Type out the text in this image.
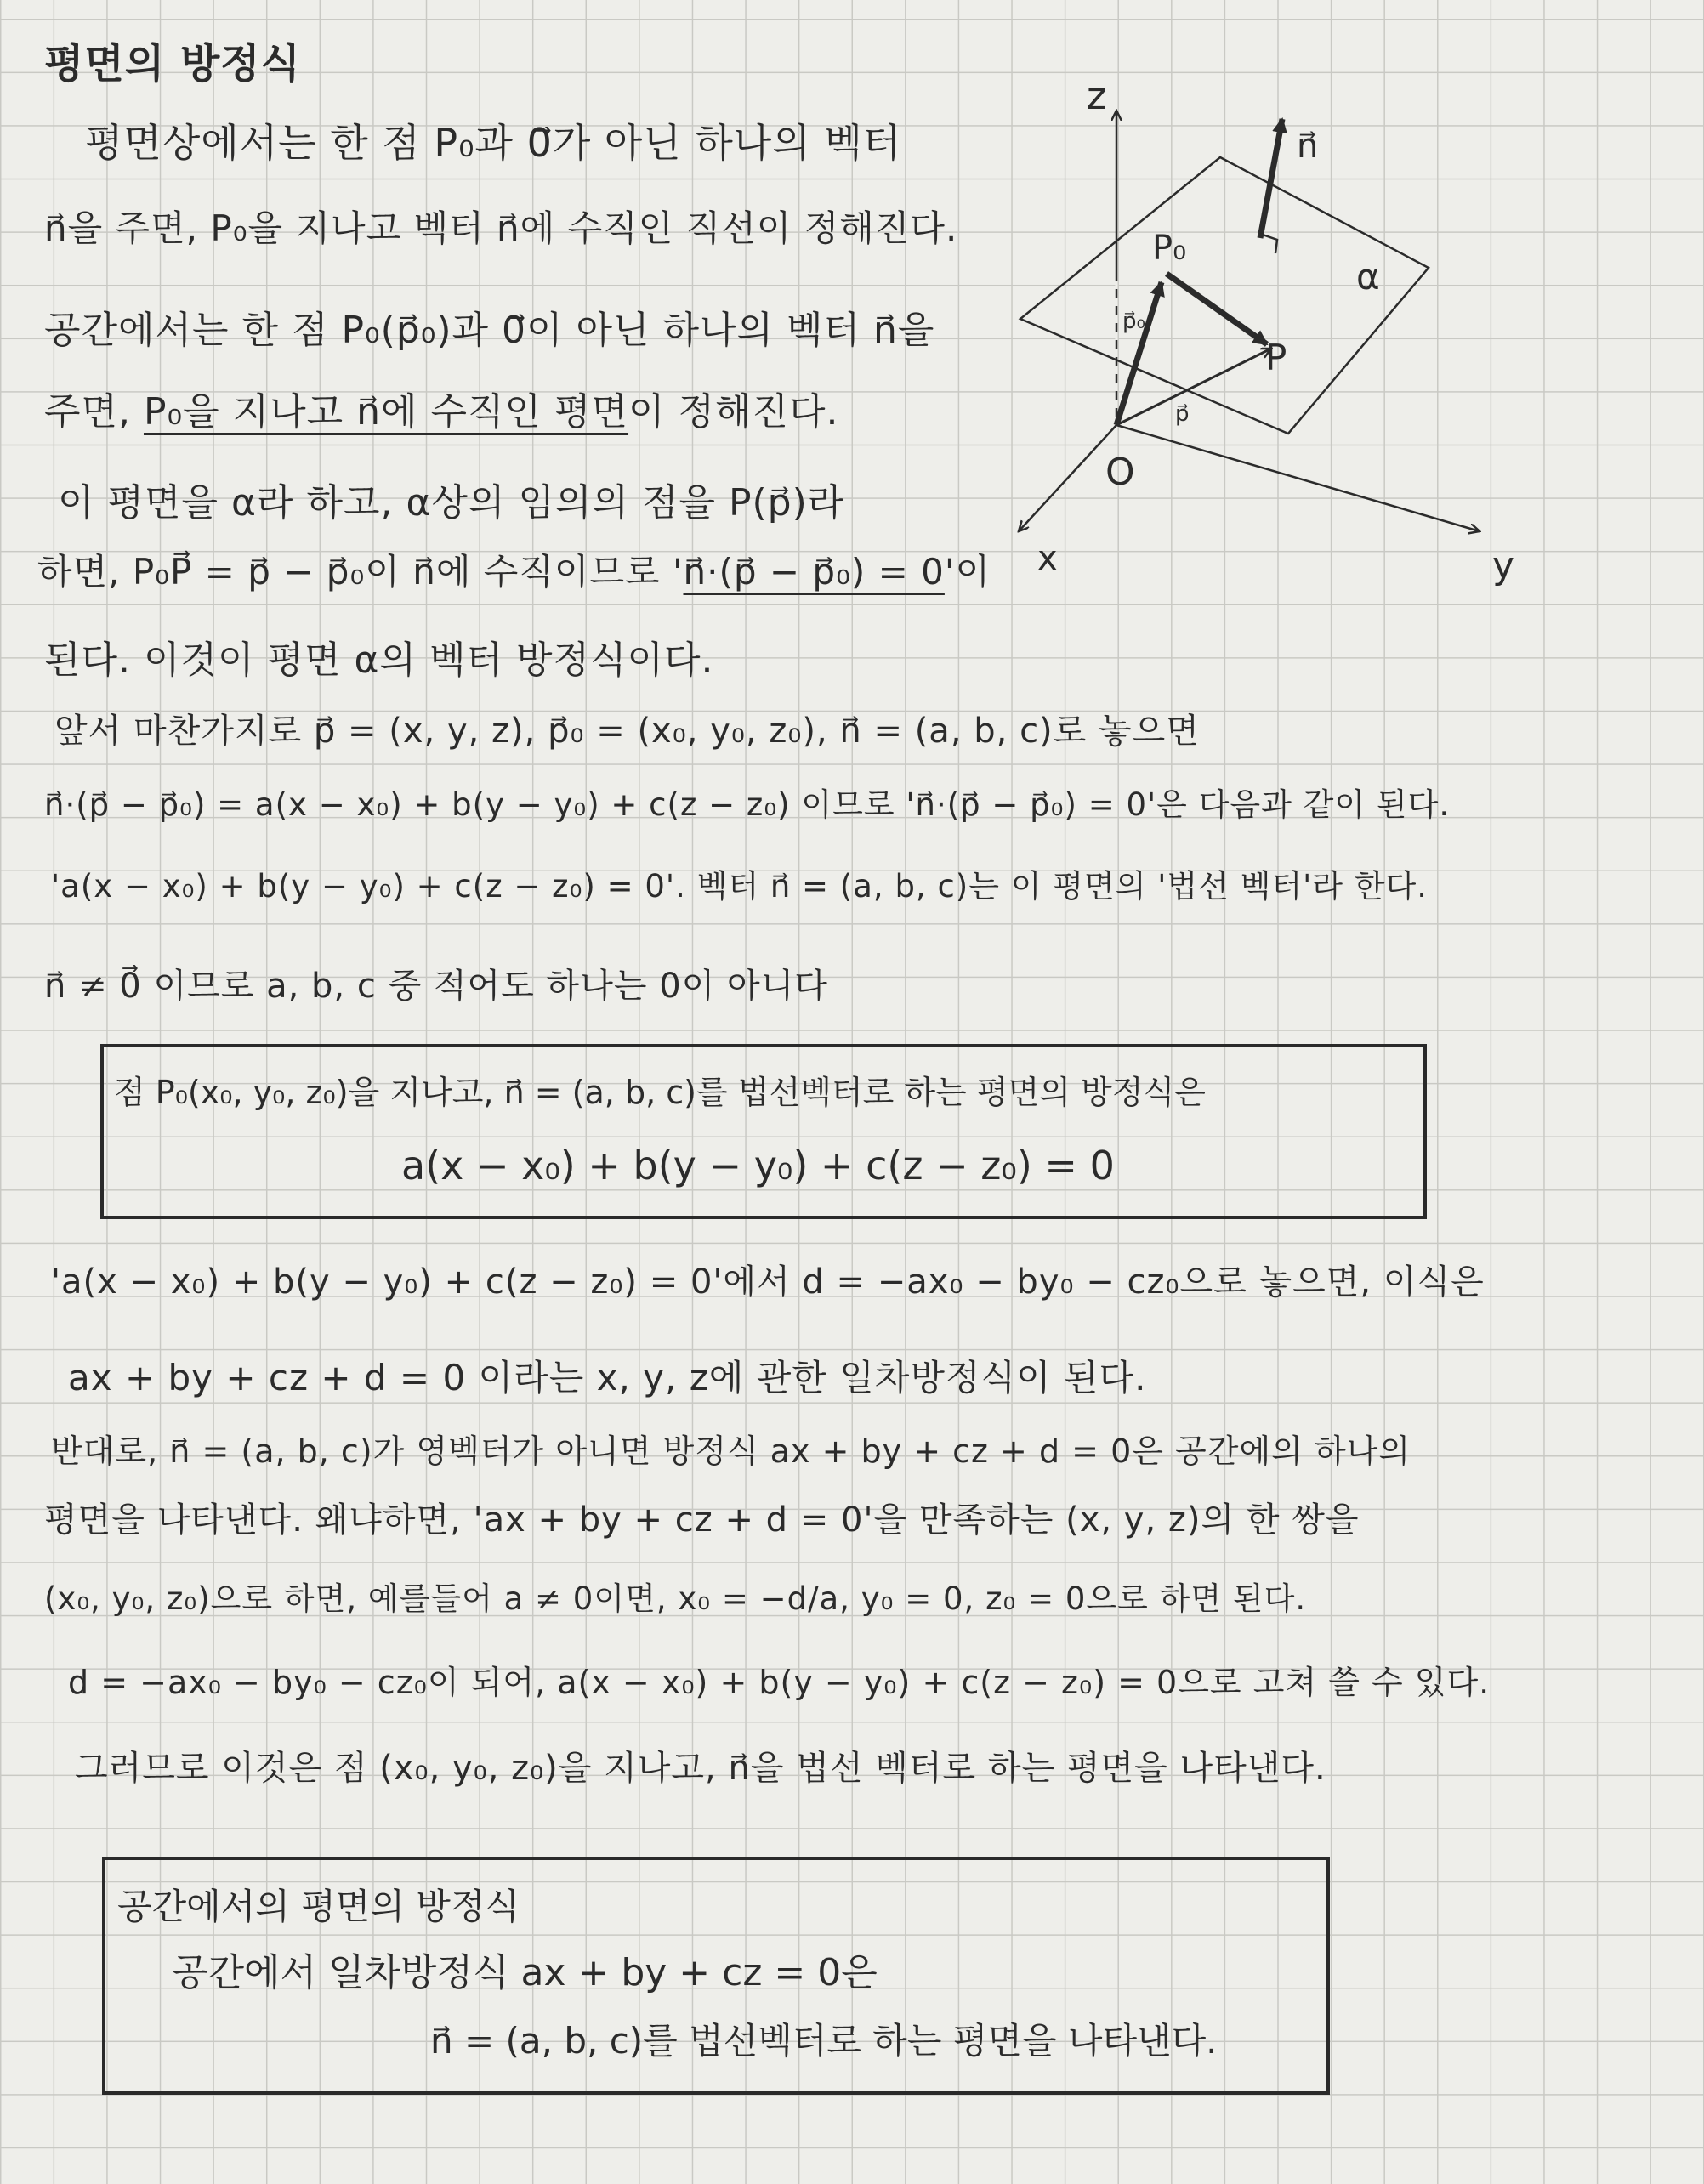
평면의 방정식
평면상에서는 한 점 P₀과 0⃗가 아닌 하나의 벡터
n⃗을 주면, P₀을 지나고 벡터 n⃗에 수직인 직선이 정해진다.
공간에서는 한 점 P₀(p⃗₀)과 0⃗이 아닌 하나의 벡터 n⃗을
주면, P₀을 지나고 n⃗에 수직인 평면이 정해진다.
이 평면을 α라 하고, α상의 임의의 점을 P(p⃗)라
하면, P₀P⃗ = p⃗ − p⃗₀이 n⃗에 수직이므로 'n⃗·(p⃗ − p⃗₀) = 0'이
된다. 이것이 평면 α의 벡터 방정식이다.
앞서 마찬가지로 p⃗ = (x, y, z), p⃗₀ = (x₀, y₀, z₀), n⃗ = (a, b, c)로 놓으면
n⃗·(p⃗ − p⃗₀) = a(x − x₀) + b(y − y₀) + c(z − z₀) 이므로 'n⃗·(p⃗ − p⃗₀) = 0'은 다음과 같이 된다.
'a(x − x₀) + b(y − y₀) + c(z − z₀) = 0'. 벡터 n⃗ = (a, b, c)는 이 평면의 '법선 벡터'라 한다.
n⃗ ≠ 0⃗ 이므로 a, b, c 중 적어도 하나는 0이 아니다
점 P₀(x₀, y₀, z₀)을 지나고, n⃗ = (a, b, c)를 법선벡터로 하는 평면의 방정식은
a(x − x₀) + b(y − y₀) + c(z − z₀) = 0
'a(x − x₀) + b(y − y₀) + c(z − z₀) = 0'에서 d = −ax₀ − by₀ − cz₀으로 놓으면, 이식은
ax + by + cz + d = 0 이라는 x, y, z에 관한 일차방정식이 된다.
반대로, n⃗ = (a, b, c)가 영벡터가 아니면 방정식 ax + by + cz + d = 0은 공간에의 하나의
평면을 나타낸다. 왜냐하면, 'ax + by + cz + d = 0'을 만족하는 (x, y, z)의 한 쌍을
(x₀, y₀, z₀)으로 하면, 예를들어 a ≠ 0이면, x₀ = −d/a, y₀ = 0, z₀ = 0으로 하면 된다.
d = −ax₀ − by₀ − cz₀이 되어, a(x − x₀) + b(y − y₀) + c(z − z₀) = 0으로 고쳐 쓸 수 있다.
그러므로 이것은 점 (x₀, y₀, z₀)을 지나고, n⃗을 법선 벡터로 하는 평면을 나타낸다.
공간에서의 평면의 방정식
공간에서 일차방정식 ax + by + cz = 0은
n⃗ = (a, b, c)를 법선벡터로 하는 평면을 나타낸다.
z
x	y
α
n⃗
p⃗₀
P₀
p⃗
P
O
